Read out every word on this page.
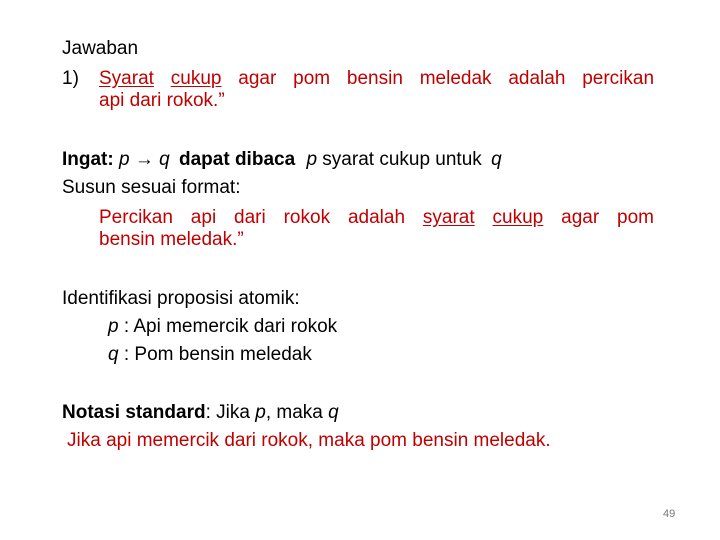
Jawaban
1) Syarat cukup agar pom bensin meledak adalah percikan
api dari rokok.”
Ingat: p → q dapat dibaca p syarat cukup untuk q
Susun sesuai format:
Percikan api dari rokok adalah syarat cukup agar pom
bensin meledak.”
Identifikasi proposisi atomik:
p : Api memercik dari rokok
q : Pom bensin meledak
Notasi standard: Jika p, maka q
Jika api memercik dari rokok, maka pom bensin meledak.
49
